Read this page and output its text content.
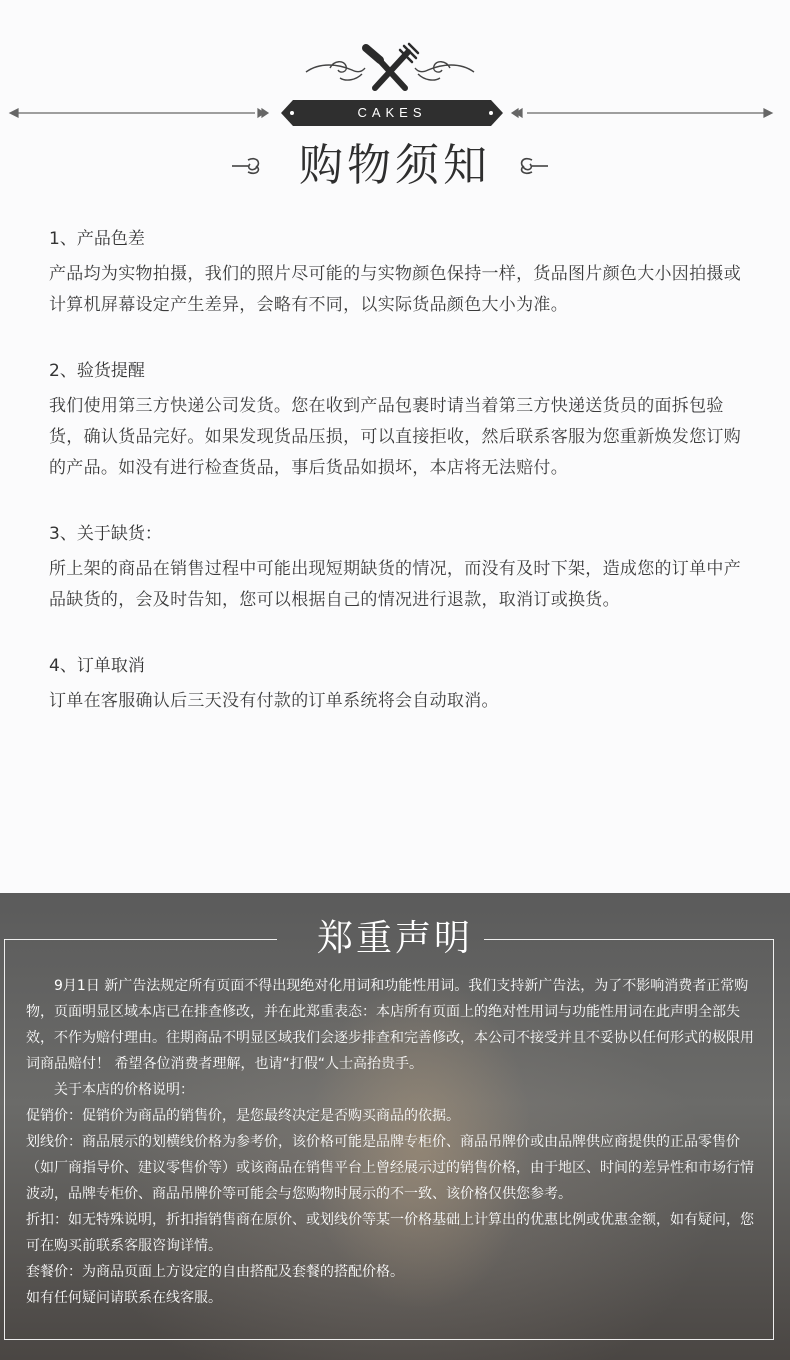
CAKES
购物须知

1、产品色差

产品均为实物拍摄，我们的照片尽可能的与实物颜色保持一样，货品图片颜色大小因拍摄或计算机屏幕设定产生差异，会略有不同，以实际货品颜色大小为准。

2、验货提醒

我们使用第三方快递公司发货。您在收到产品包裹时请当着第三方快递送货员的面拆包验货，确认货品完好。如果发现货品压损，可以直接拒收，然后联系客服为您重新焕发您订购的产品。如没有进行检查货品，事后货品如损坏，本店将无法赔付。

3、关于缺货：

所上架的商品在销售过程中可能出现短期缺货的情况，而没有及时下架，造成您的订单中产品缺货的，会及时告知，您可以根据自己的情况进行退款，取消订或换货。

4、订单取消

订单在客服确认后三天没有付款的订单系统将会自动取消。

郑重声明

9月1日 新广告法规定所有页面不得出现绝对化用词和功能性用词。我们支持新广告法，为了不影响消费者正常购物，页面明显区域本店已在排查修改，并在此郑重表态：本店所有页面上的绝对性用词与功能性用词在此声明全部失效，不作为赔付理由。往期商品不明显区域我们会逐步排查和完善修改，本公司不接受并且不妥协以任何形式的极限用词商品赔付！ 希望各位消费者理解，也请“打假“人士高抬贵手。

关于本店的价格说明：

促销价：促销价为商品的销售价，是您最终决定是否购买商品的依据。

划线价：商品展示的划横线价格为参考价，该价格可能是品牌专柜价、商品吊牌价或由品牌供应商提供的正品零售价（如厂商指导价、建议零售价等）或该商品在销售平台上曾经展示过的销售价格，由于地区、时间的差异性和市场行情波动，品牌专柜价、商品吊牌价等可能会与您购物时展示的不一致、该价格仅供您参考。

折扣：如无特殊说明，折扣指销售商在原价、或划线价等某一价格基础上计算出的优惠比例或优惠金额，如有疑问，您可在购买前联系客服咨询详情。

套餐价：为商品页面上方设定的自由搭配及套餐的搭配价格。

如有任何疑问请联系在线客服。
